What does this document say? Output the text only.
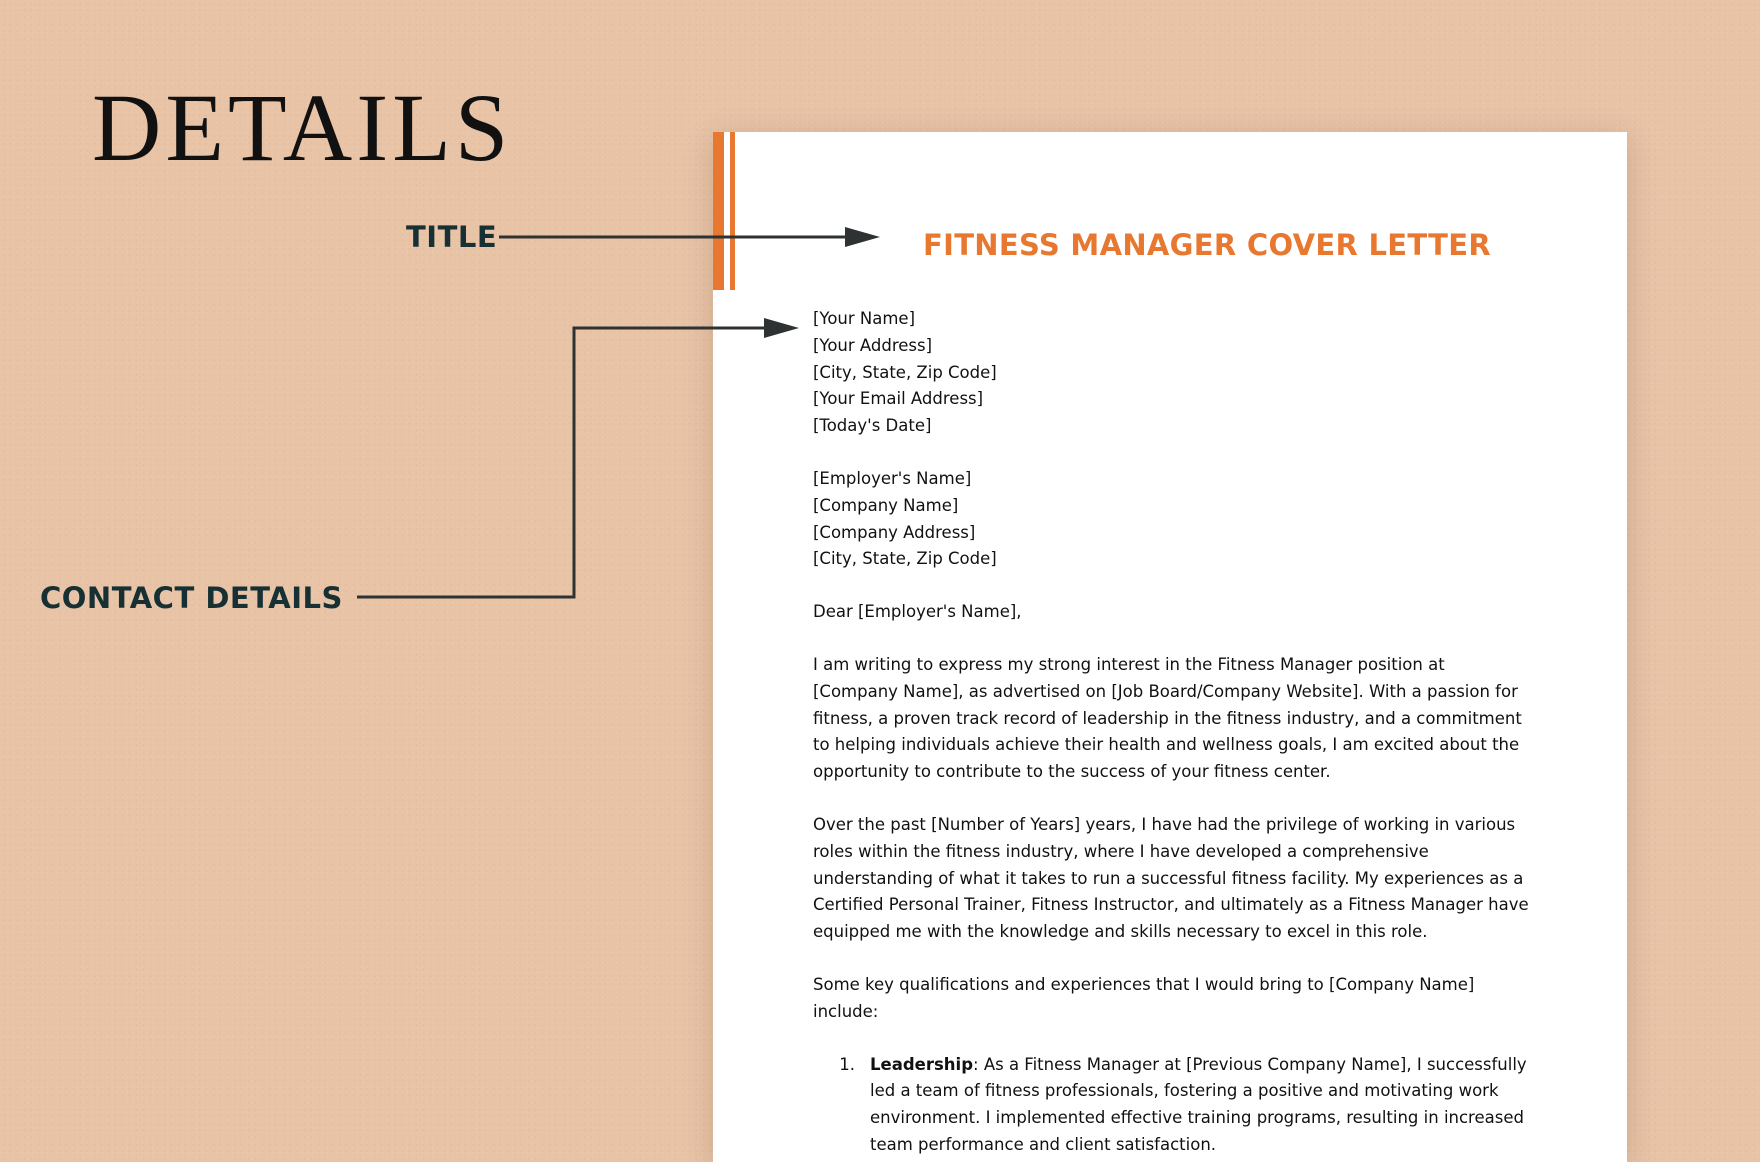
DETAILS
TITLE
CONTACT DETAILS
FITNESS MANAGER COVER LETTER
[Your Name]
[Your Address]
[City, State, Zip Code]
[Your Email Address]
[Today's Date]
[Employer's Name]
[Company Name]
[Company Address]
[City, State, Zip Code]

Dear [Employer's Name],

I am writing to express my strong interest in the Fitness Manager position at [Company Name], as advertised on [Job Board/Company Website]. With a passion for fitness, a proven track record of leadership in the fitness industry, and a commitment to helping individuals achieve their health and wellness goals, I am excited about the opportunity to contribute to the success of your fitness center.

Over the past [Number of Years] years, I have had the privilege of working in various roles within the fitness industry, where I have developed a comprehensive understanding of what it takes to run a successful fitness facility. My experiences as a Certified Personal Trainer, Fitness Instructor, and ultimately as a Fitness Manager have equipped me with the knowledge and skills necessary to excel in this role.

Some key qualifications and experiences that I would bring to [Company Name] include:

1. Leadership: As a Fitness Manager at [Previous Company Name], I successfully led a team of fitness professionals, fostering a positive and motivating work environment. I implemented effective training programs, resulting in increased team performance and client satisfaction.
